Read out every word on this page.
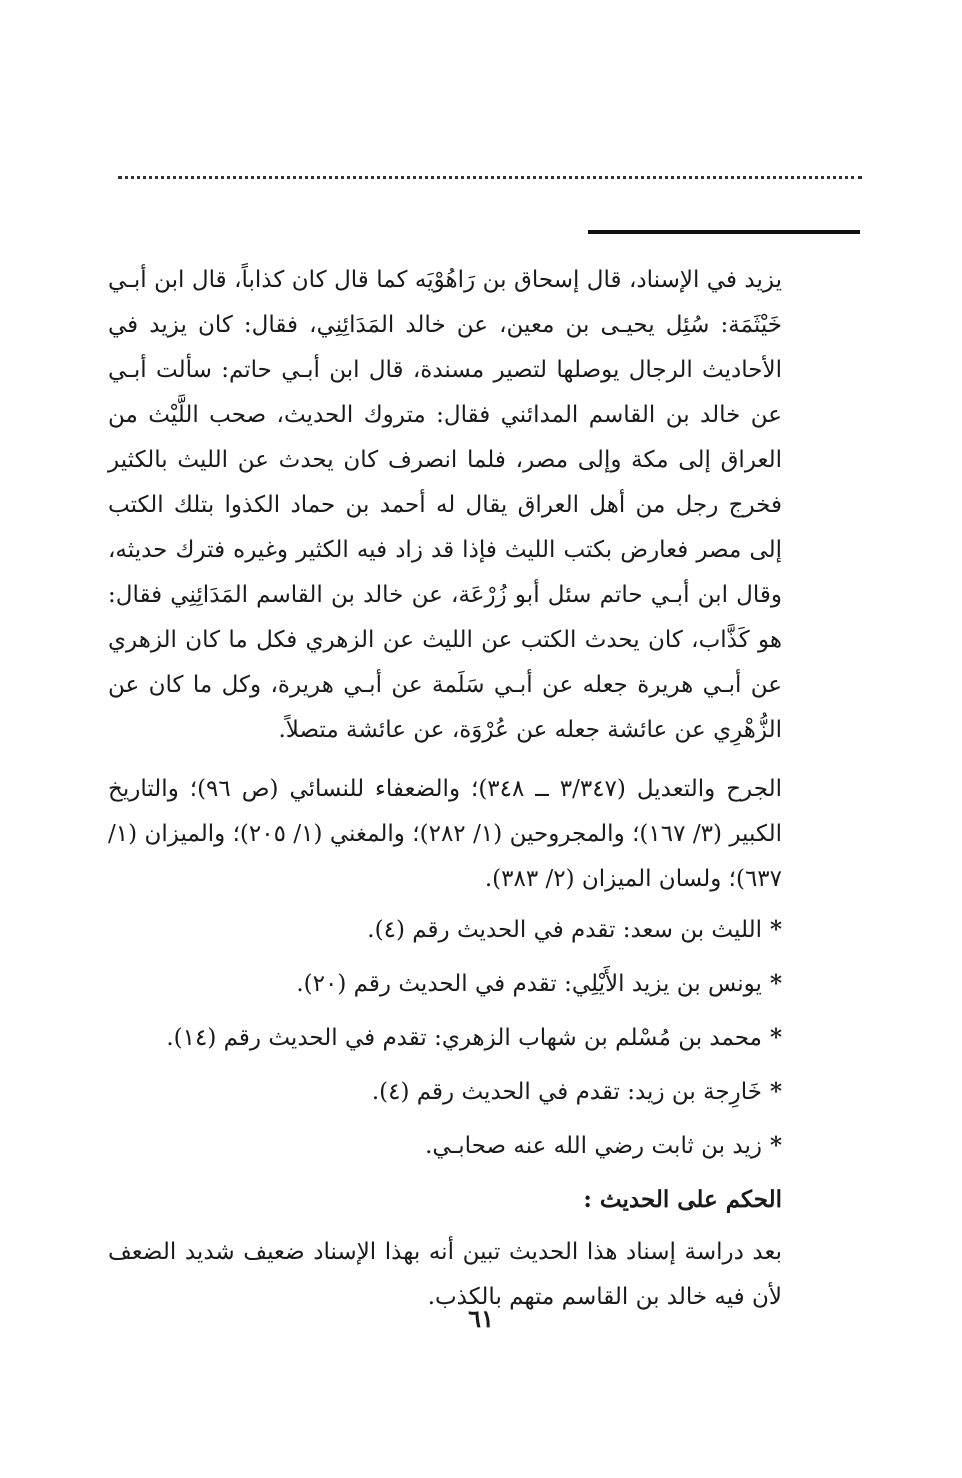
يزيد في الإسناد، قال إسحاق بن رَاهُوْيَه كما قال كان كذاباً، قال ابن أبـي خَيْثَمَة: سُئِل يحيـى بن معين، عن خالد المَدَائِنِي، فقال: كان يزيد في الأحاديث الرجال يوصلها لتصير مسندة، قال ابن أبـي حاتم: سألت أبـي عن خالد بن القاسم المدائني فقال: متروك الحديث، صحب اللَّيْث من العراق إلى مكة وإلى مصر، فلما انصرف كان يحدث عن الليث بالكثير فخرج رجل من أهل العراق يقال له أحمد بن حماد الكذوا بتلك الكتب إلى مصر فعارض بكتب الليث فإذا قد زاد فيه الكثير وغيره فترك حديثه، وقال ابن أبـي حاتم سئل أبو زُرْعَة، عن خالد بن القاسم المَدَائِنِي فقال: هو كَذَّاب، كان يحدث الكتب عن الليث عن الزهري فكل ما كان الزهري عن أبـي هريرة جعله عن أبـي سَلَمة عن أبـي هريرة، وكل ما كان عن الزُّهْرِي عن عائشة جعله عن عُرْوَة، عن عائشة متصلاً.

الجرح والتعديل (٣/٣٤٧ ــ ٣٤٨)؛ والضعفاء للنسائي (ص ٩٦)؛ والتاريخ الكبير (٣/ ١٦٧)؛ والمجروحين (١/ ٢٨٢)؛ والمغني (١/ ٢٠٥)؛ والميزان (١/ ٦٣٧)؛ ولسان الميزان (٢/ ٣٨٣).

*الليث بن سعد: تقدم في الحديث رقم (٤).
*يونس بن يزيد الأَيْلِي: تقدم في الحديث رقم (٢٠).
*محمد بن مُسْلم بن شهاب الزهري: تقدم في الحديث رقم (١٤).
*خَارِجة بن زيد: تقدم في الحديث رقم (٤).
*زيد بن ثابت رضي الله عنه صحابـي.
الحكم على الحديث :

بعد دراسة إسناد هذا الحديث تبين أنه بهذا الإسناد ضعيف شديد الضعف لأن فيه خالد بن القاسم متهم بالكذب.

٦١
